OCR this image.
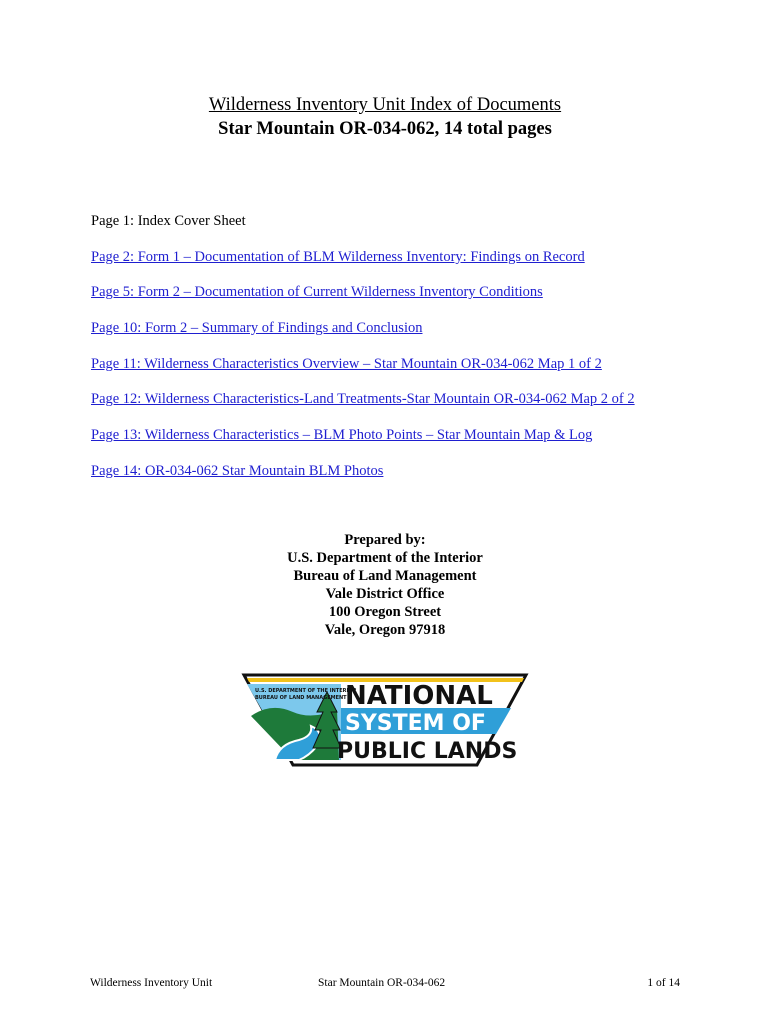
Wilderness Inventory Unit Index of Documents
Star Mountain OR-034-062, 14 total pages
Page 1: Index Cover Sheet
Page 2: Form 1 – Documentation of BLM Wilderness Inventory: Findings on Record
Page 5: Form 2 – Documentation of Current Wilderness Inventory Conditions
Page 10: Form 2 – Summary of Findings and Conclusion
Page 11: Wilderness Characteristics Overview – Star Mountain OR-034-062 Map 1 of 2
Page 12: Wilderness Characteristics-Land Treatments-Star Mountain OR-034-062 Map 2 of 2
Page 13: Wilderness Characteristics – BLM Photo Points – Star Mountain Map & Log
Page 14: OR-034-062 Star Mountain BLM Photos
Prepared by:
U.S. Department of the Interior
Bureau of Land Management
Vale District Office
100 Oregon Street
Vale, Oregon 97918
U.S. DEPARTMENT OF THE INTERIOR
BUREAU OF LAND MANAGEMENT
NATIONAL
SYSTEM OF
PUBLIC LANDS
Wilderness Inventory Unit	Star Mountain OR-034-062	1 of 14
